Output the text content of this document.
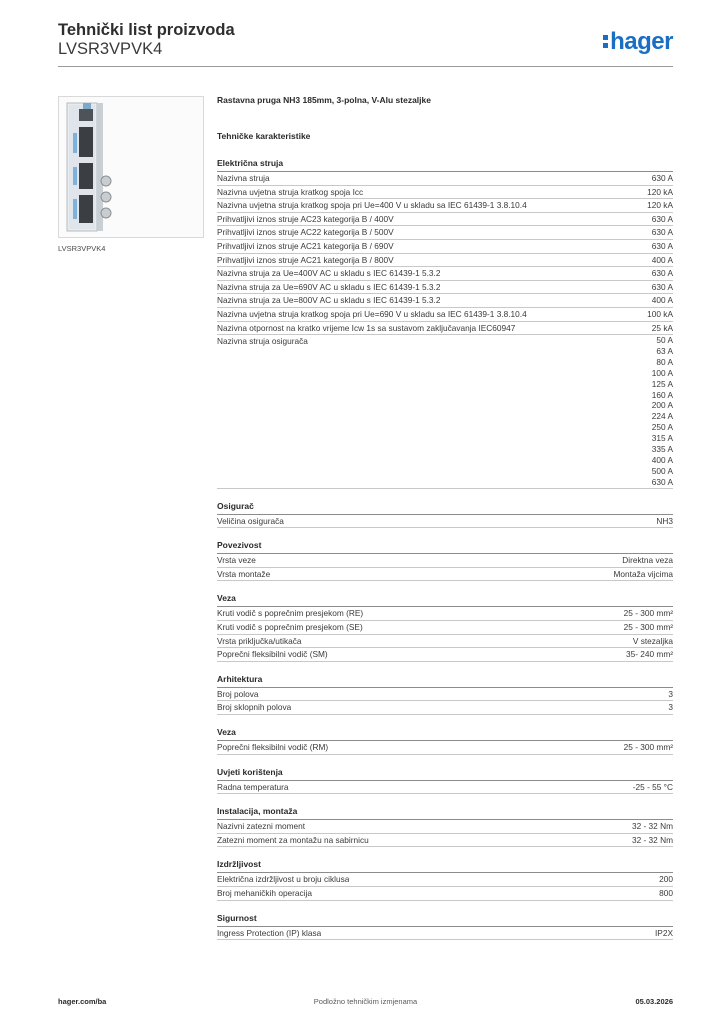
Tehnički list proizvoda
LVSR3VPVK4	hager
LVSR3VPVK4
Rastavna pruga NH3 185mm, 3-polna, V-Alu stezaljke
Tehničke karakteristike
Električna struja
Nazivna struja	630 A
Nazivna uvjetna struja kratkog spoja Icc	120 kA
Nazivna uvjetna struja kratkog spoja pri Ue=400 V u skladu sa IEC 61439-1 3.8.10.4	120 kA
Prihvatljivi iznos struje AC23 kategorija B / 400V	630 A
Prihvatljivi iznos struje AC22 kategorija B / 500V	630 A
Prihvatljivi iznos struje AC21 kategorija B / 690V	630 A
Prihvatljivi iznos struje AC21 kategorija B / 800V	400 A
Nazivna struja za Ue=400V AC u skladu s IEC 61439-1 5.3.2	630 A
Nazivna struja za Ue=690V AC u skladu s IEC 61439-1 5.3.2	630 A
Nazivna struja za Ue=800V AC u skladu s IEC 61439-1 5.3.2	400 A
Nazivna uvjetna struja kratkog spoja pri Ue=690 V u skladu sa IEC 61439-1 3.8.10.4	100 kA
Nazivna otpornost na kratko vrijeme Icw 1s sa sustavom zaključavanja IEC60947	25 kA
Nazivna struja osigurača	50 A
63 A
80 A
100 A
125 A
160 A
200 A
224 A
250 A
315 A
335 A
400 A
500 A
630 A
Osigurač
Veličina osigurača	NH3
Povezivost
Vrsta veze	Direktna veza
Vrsta montaže	Montaža vijcima
Veza
Kruti vodič s poprečnim presjekom (RE)	25 - 300 mm²
Kruti vodič s poprečnim presjekom (SE)	25 - 300 mm²
Vrsta priključka/utikača	V stezaljka
Poprečni fleksibilni vodič (SM)	35- 240 mm²
Arhitektura
Broj polova	3
Broj sklopnih polova	3
Veza
Poprečni fleksibilni vodič (RM)	25 - 300 mm²
Uvjeti korištenja
Radna temperatura	-25 - 55 °C
Instalacija, montaža
Nazivni zatezni moment	32 - 32 Nm
Zatezni moment za montažu na sabirnicu	32 - 32 Nm
Izdržljivost
Električna izdržljivost u broju ciklusa	200
Broj mehaničkih operacija	800
Sigurnost
Ingress Protection (IP) klasa	IP2X
hager.com/ba	Podložno tehničkim izmjenama	05.03.2026
